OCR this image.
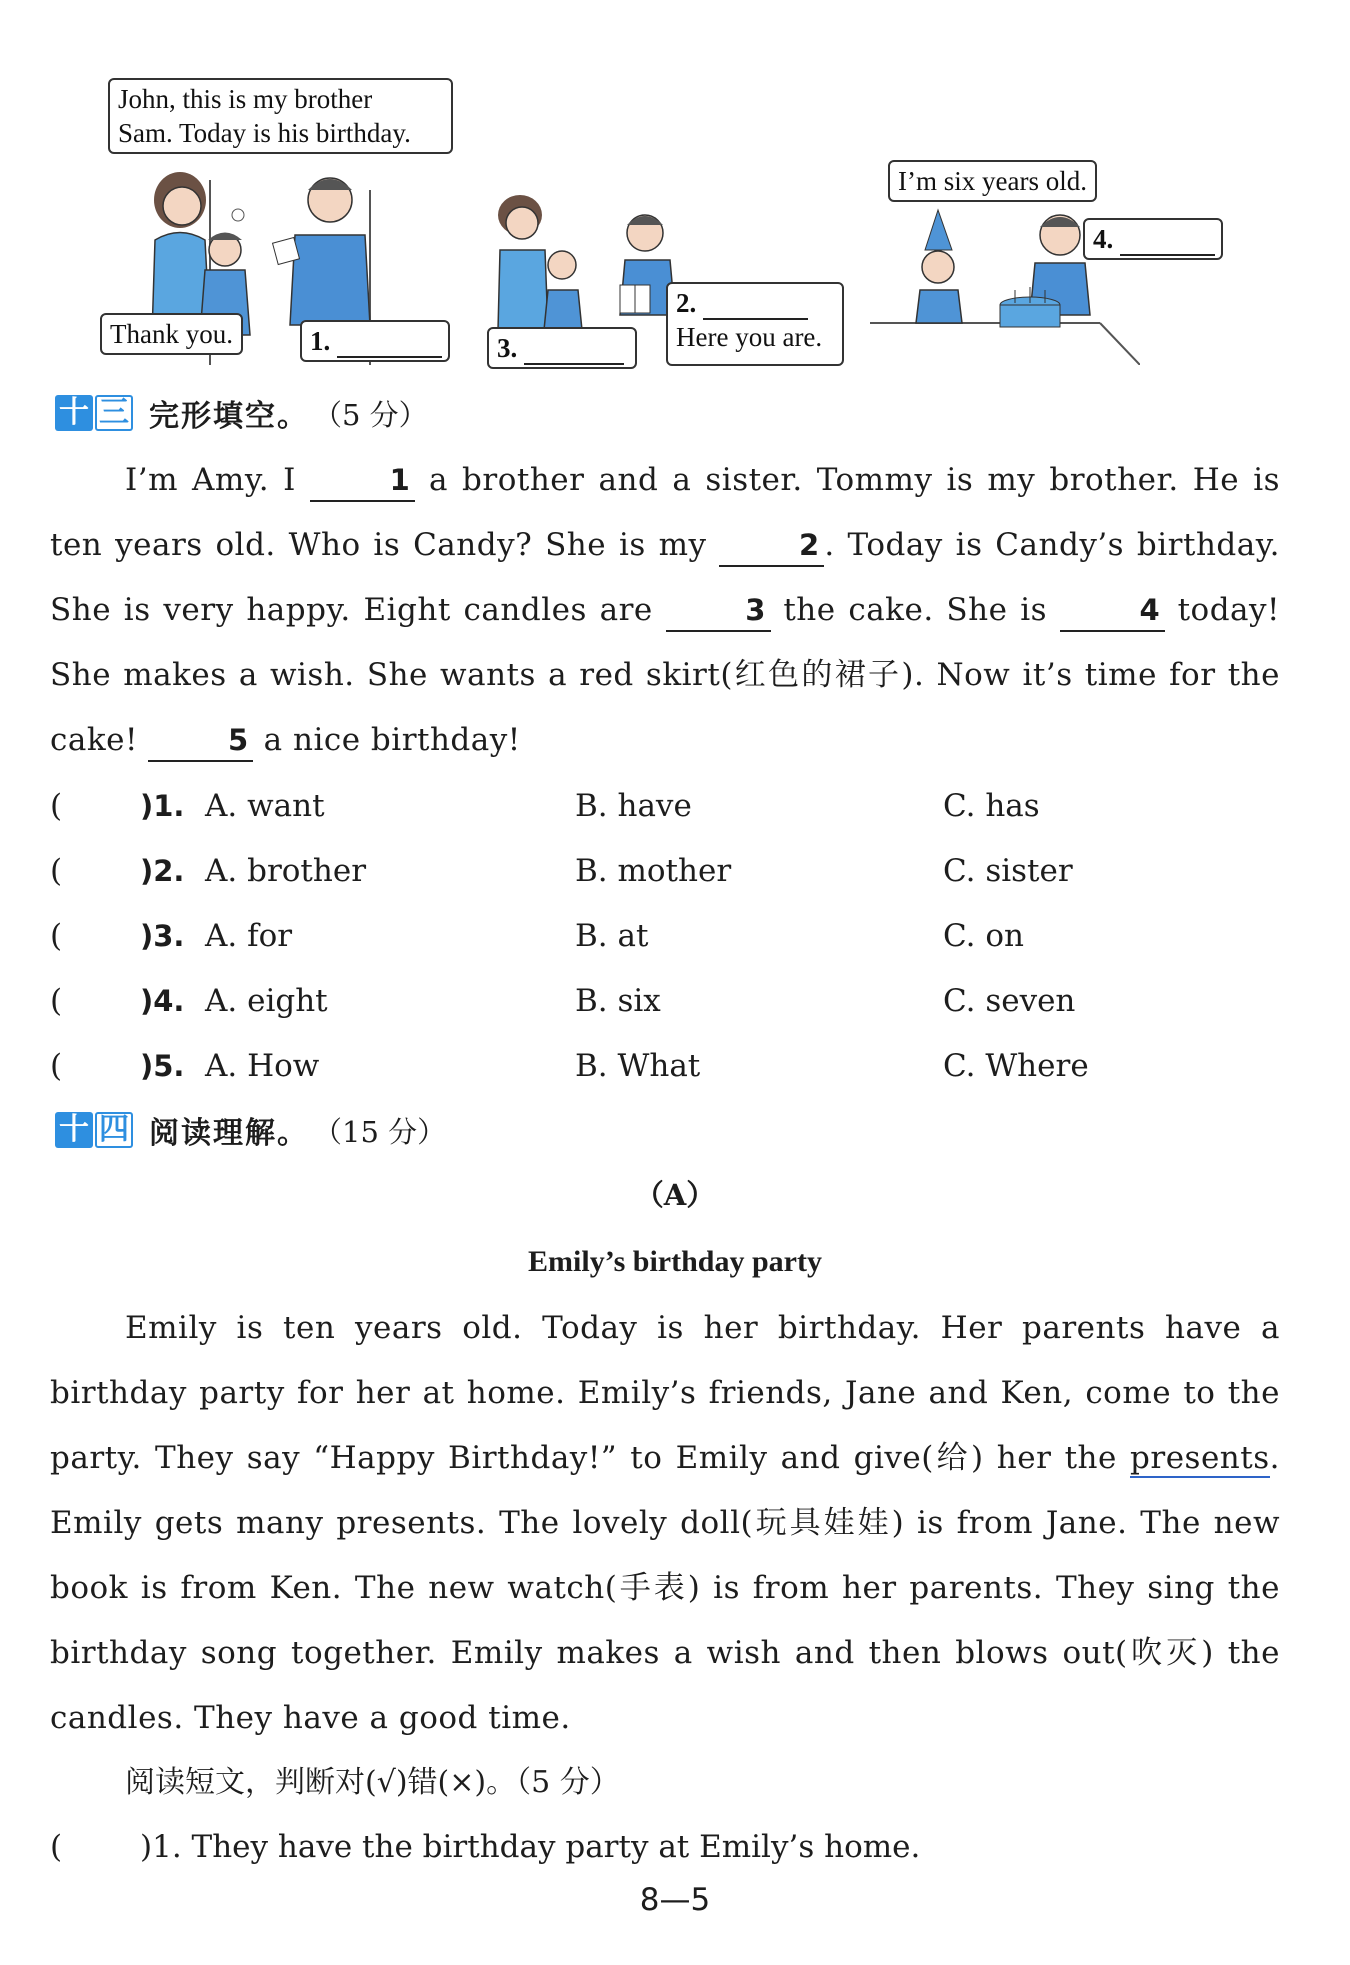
John, this is my brother
Sam. Today is his birthday.
Thank you.	1.	3.
2.
Here you are.
I’m six years old.
4.
十 三 完形填空。 （5 分）

I’m Amy. I	1 a brother and a sister. Tommy is my brother. He is ten years old. Who is Candy? She is my	2 . Today is Candy’s birthday. She is very happy. Eight candles are	3 the cake. She is	4 today! She makes a wish. She wants a red skirt(红色的裙子). Now it’s time for the cake!	5 a nice birthday!

(	)1. A. want	B. have	C. has
(	)2. A. brother	B. mother	C. sister
(	)3. A. for	B. at	C. on
(	)4. A. eight	B. six	C. seven
(	)5. A. How	B. What	C. Where
十 四 阅读理解。 （15 分）
（A）
Emily’s birthday party

Emily is ten years old. Today is her birthday. Her parents have a birthday party for her at home. Emily’s friends, Jane and Ken, come to the party. They say “Happy Birthday!” to Emily and give(给) her the presents. Emily gets many presents. The lovely doll(玩具娃娃) is from Jane. The new book is from Ken. The new watch(手表) is from her parents. They sing the birthday song together. Emily makes a wish and then blows out(吹灭) the candles. They have a good time.

阅读短文，判断对(√)错(×)。（5 分）
(	)1. They have the birthday party at Emily’s home.
8—5
